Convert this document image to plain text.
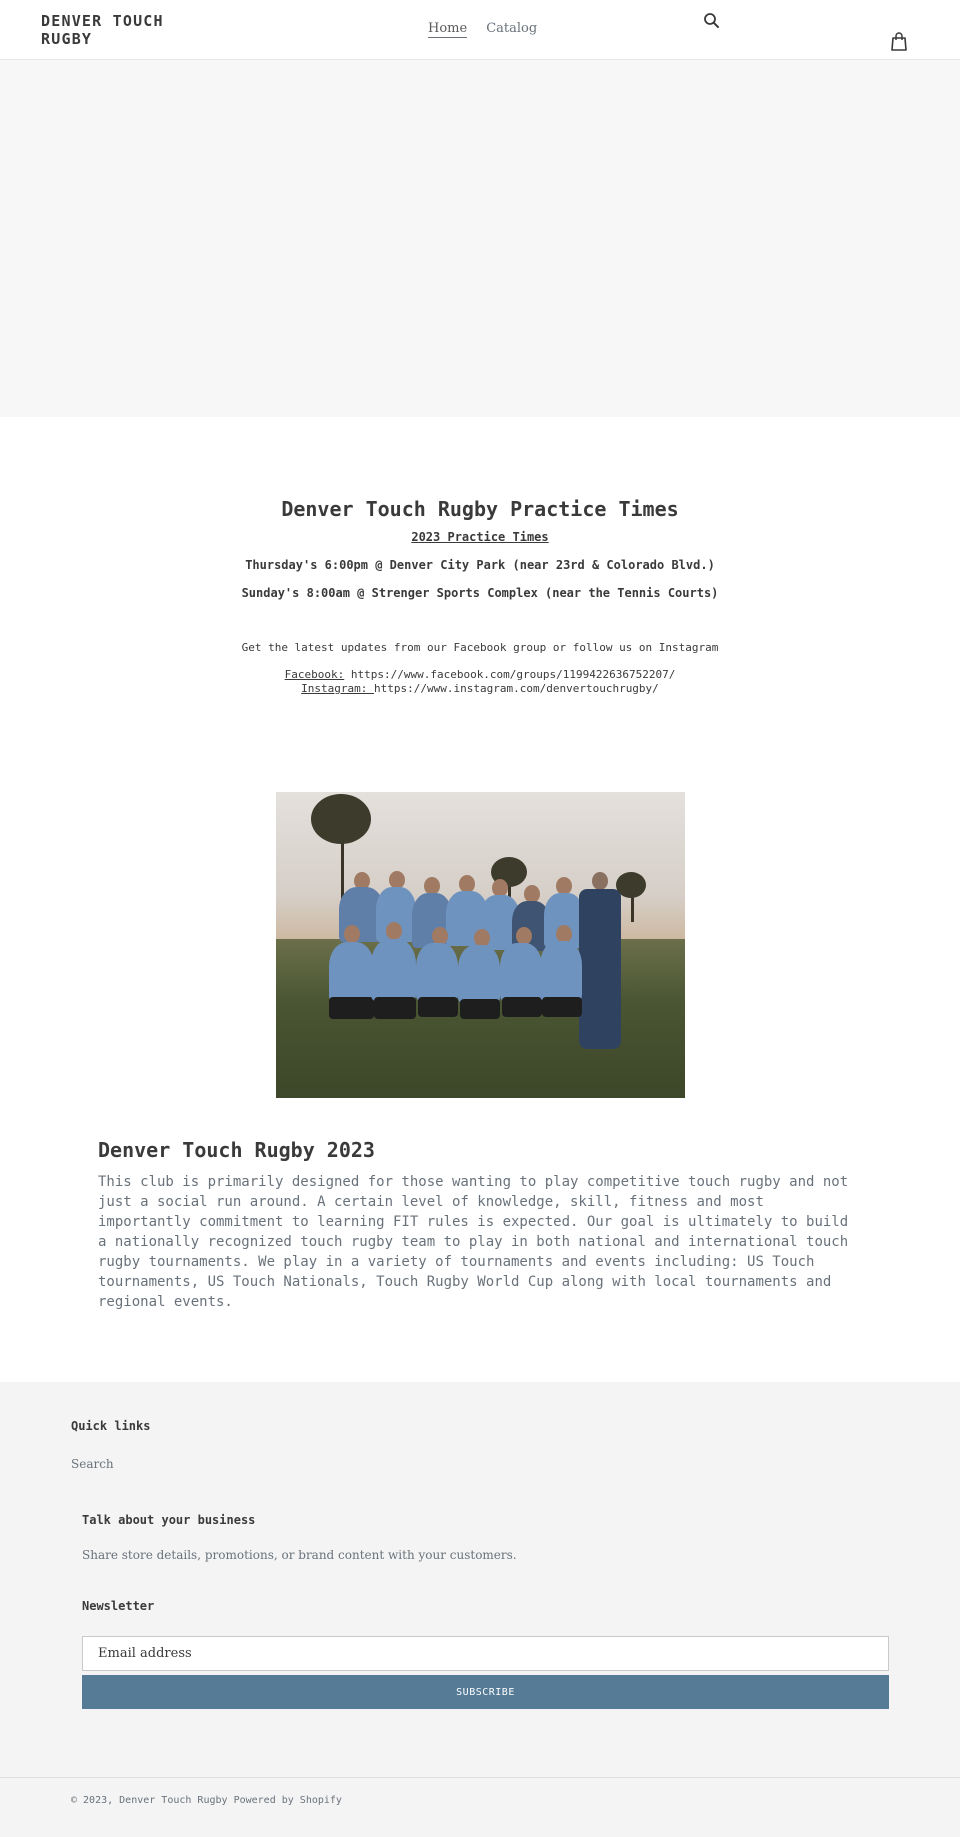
DENVER TOUCH RUGBY
Home Catalog
Denver Touch Rugby Practice Times
2023 Practice Times
Thursday's 6:00pm @ Denver City Park (near 23rd & Colorado Blvd.)
Sunday's 8:00am @ Strenger Sports Complex (near the Tennis Courts)
Get the latest updates from our Facebook group or follow us on Instagram
Facebook: https://www.facebook.com/groups/1199422636752207/
Instagram: https://www.instagram.com/denvertouchrugby/
Denver Touch Rugby 2023

This club is primarily designed for those wanting to play competitive touch rugby and not just a social run around. A certain level of knowledge, skill, fitness and most importantly commitment to learning FIT rules is expected. Our goal is ultimately to build a nationally recognized touch rugby team to play in both national and international touch rugby tournaments. We play in a variety of tournaments and events including: US Touch tournaments, US Touch Nationals, Touch Rugby World Cup along with local tournaments and regional events.

Quick links
Search
Talk about your business

Share store details, promotions, or brand content with your customers.

Newsletter
Email address
SUBSCRIBE
© 2023, Denver Touch Rugby Powered by Shopify
